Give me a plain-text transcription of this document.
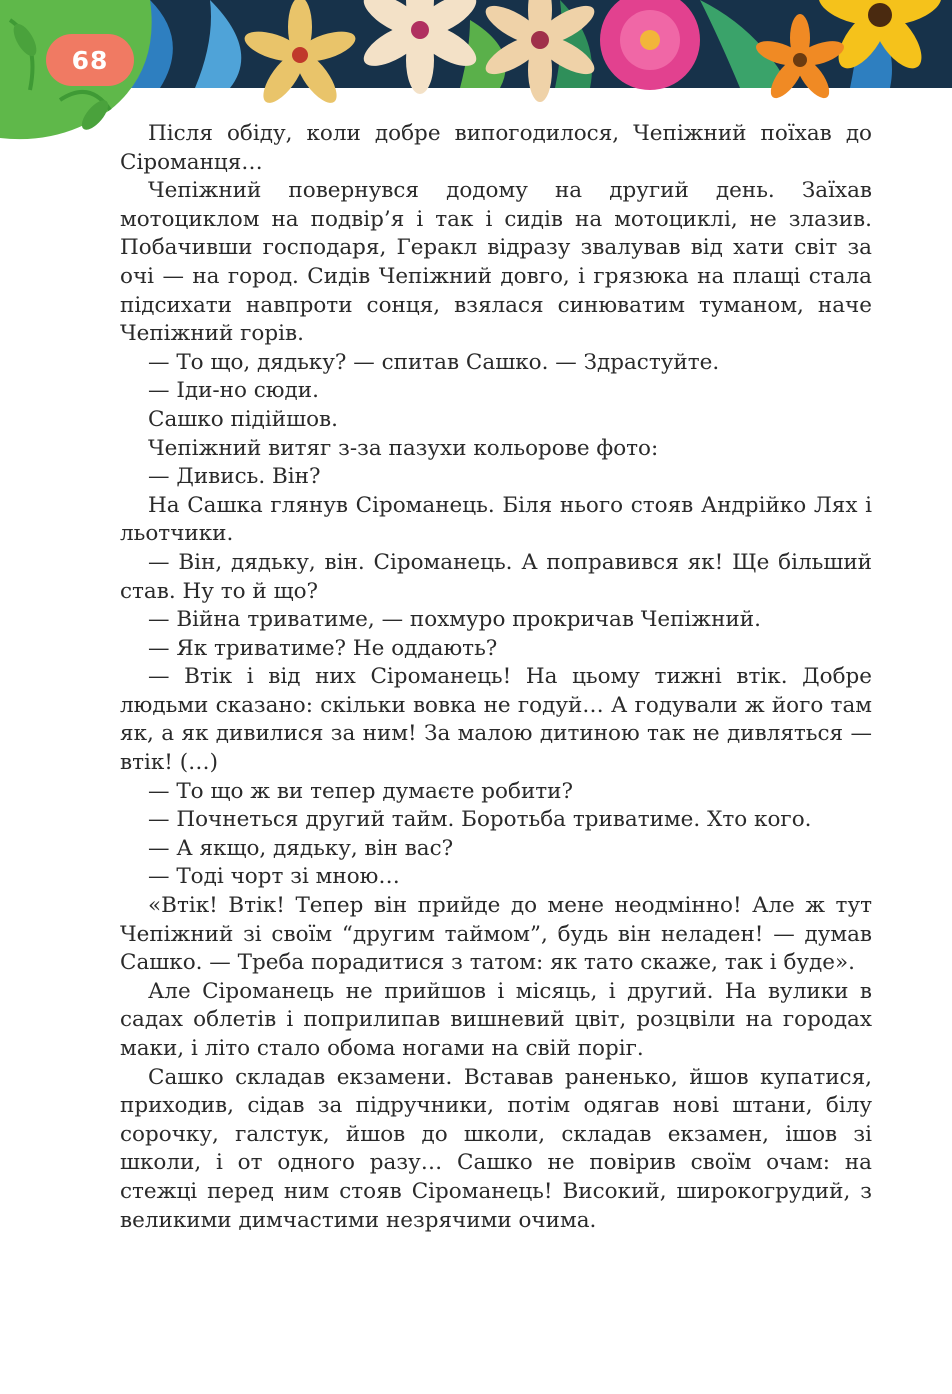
68

Після обіду, коли добре випогодилося, Чепіжний поїхав до Сіроманця…

Чепіжний повернувся додому на другий день. Заїхав мотоциклом на подвір’я і так і сидів на мотоциклі, не злазив. Побачивши господаря, Геракл відразу звалував від хати світ за очі — на город. Сидів Чепіжний довго, і грязюка на плащі стала підсихати навпроти сонця, взялася синюватим туманом, наче Чепіжний горів.

— То що, дядьку? — спитав Сашко. — Здрастуйте.

— Іди-но сюди.

Сашко підійшов.

Чепіжний витяг з-за пазухи кольорове фото:

— Дивись. Він?

На Сашка глянув Сіроманець. Біля нього стояв Андрійко Лях і льотчики.

— Він, дядьку, він. Сіроманець. А поправився як! Ще більший став. Ну то й що?

— Війна триватиме, — похмуро прокричав Чепіжний.

— Як триватиме? Не оддають?

— Втік і від них Сіроманець! На цьому тижні втік. Добре людьми сказано: скільки вовка не годуй… А годували ж його там як, а як дивилися за ним! За малою дитиною так не дивляться — втік! (…)

— То що ж ви тепер думаєте робити?

— Почнеться другий тайм. Боротьба триватиме. Хто кого.

— А якщо, дядьку, він вас?

— Тоді чорт зі мною…

«Втік! Втік! Тепер він прийде до мене неодмінно! Але ж тут Чепіжний зі своїм “другим таймом”, будь він неладен! — думав Сашко. — Треба порадитися з татом: як тато скаже, так і буде».

Але Сіроманець не прийшов і місяць, і другий. На вулики в садах облетів і поприлипав вишневий цвіт, розцвіли на городах маки, і літо стало обома ногами на свій поріг.

Сашко складав екзамени. Вставав раненько, йшов купатися, приходив, сідав за підручники, потім одягав нові штани, білу сорочку, галстук, йшов до школи, складав екзамен, ішов зі школи, і от одного разу… Сашко не повірив своїм очам: на стежці перед ним стояв Сіроманець! Високий, широкогрудий, з великими димчастими незрячими очима.
